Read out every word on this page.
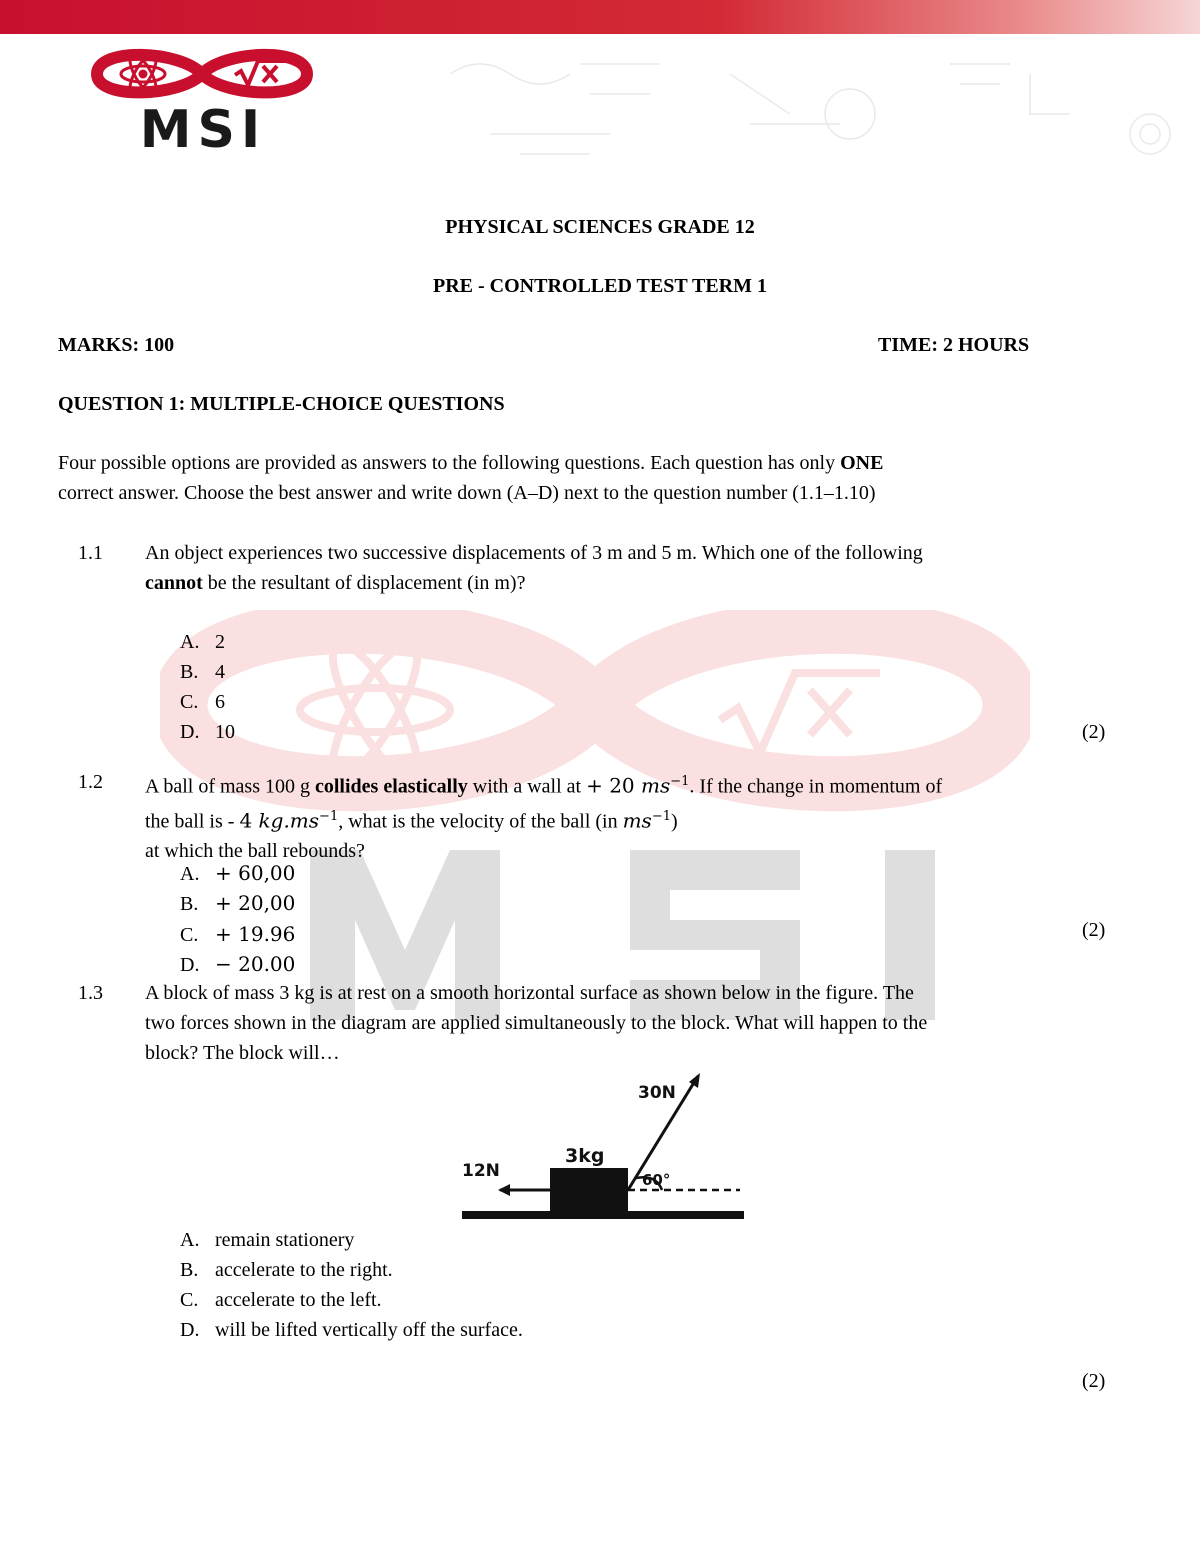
MSI
PHYSICAL SCIENCES GRADE 12
PRE - CONTROLLED TEST TERM 1
MARKS: 100	TIME: 2 HOURS
QUESTION 1: MULTIPLE-CHOICE QUESTIONS
Four possible options are provided as answers to the following questions. Each question has only ONE
correct answer. Choose the best answer and write down (A–D) next to the question number (1.1–1.10)
1.1 An object experiences two successive displacements of 3 m and 5 m. Which one of the following
cannot be the resultant of displacement (in m)?
A. 2
B. 4
C. 6
D. 10	(2)
1.2 A ball of mass 100 g collides elastically with a wall at + 20 $ms^{-1}$. If the change in momentum of
the ball is - 4 $kg.ms^{-1}$, what is the velocity of the ball (in $ms^{-1}$)
at which the ball rebounds?
A. + 60,00
B. + 20,00
C. + 19.96
D. − 20.00
(2)
1.3 A block of mass 3 kg is at rest on a smooth horizontal surface as shown below in the figure. The
two forces shown in the diagram are applied simultaneously to the block. What will happen to the
block? The block will…
12N
30N
3kg
60°
A. remain stationery
B. accelerate to the right.
C. accelerate to the left.
D. will be lifted vertically off the surface.
(2)
